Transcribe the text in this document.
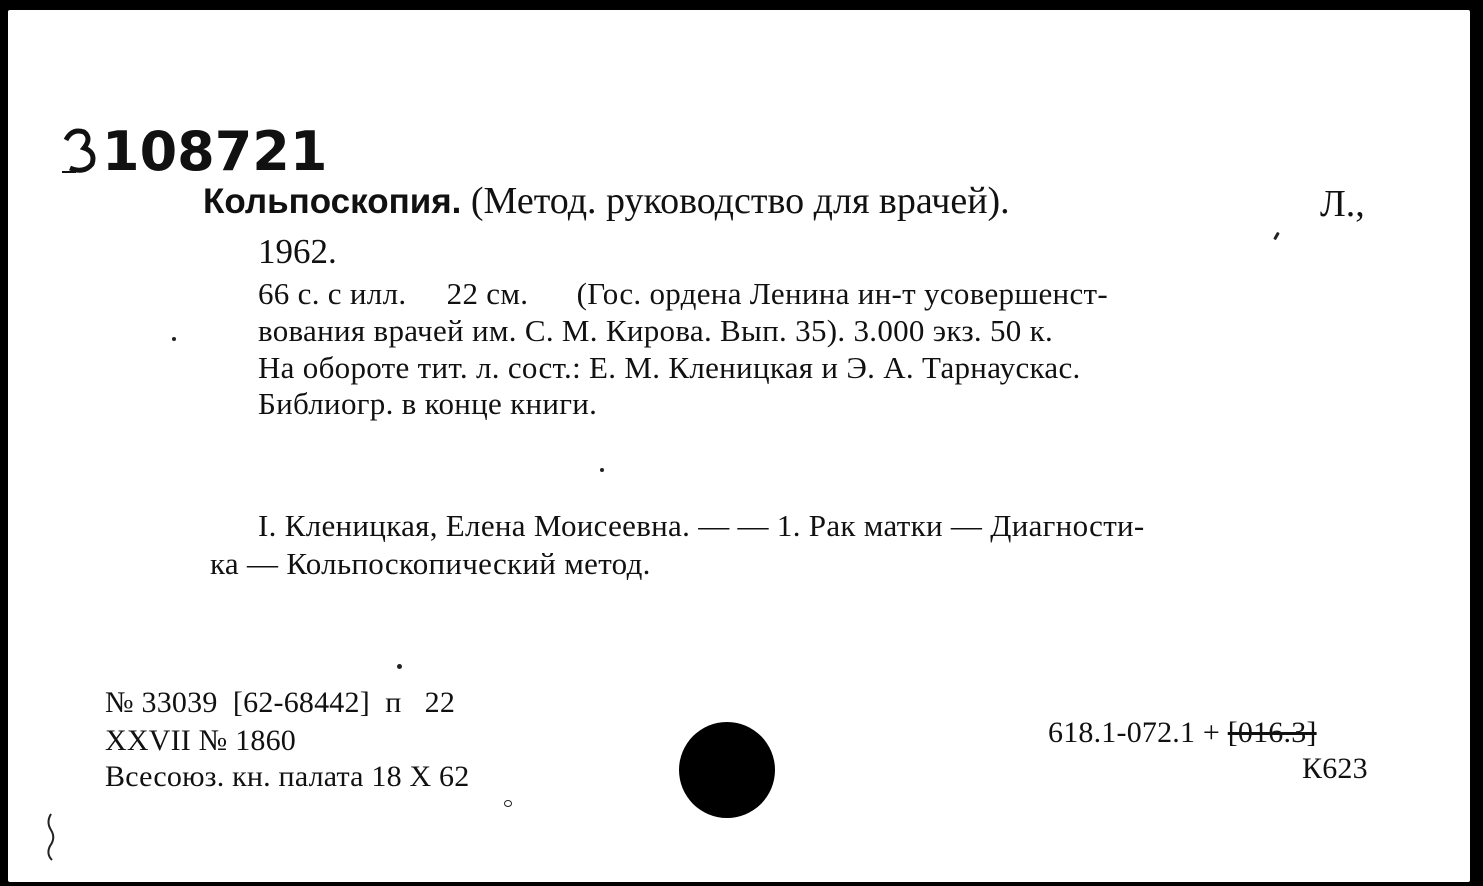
108721
Кольпоскопия. (Метод. руководство для врачей).	Л.,
1962.
66 с. с илл.     22 см.      (Гос. ордена Ленина ин-т усовершенст-
вования врачей им. С. М. Кирова. Вып. 35). 3.000 экз. 50 к.
На обороте тит. л. сост.: Е. М. Кленицкая и Э. А. Тарнаускас.
Библиогр. в конце книги.
I. Кленицкая, Елена Моисеевна. — — 1. Рак матки — Диагности-
ка — Кольпоскопический метод.
№ 33039  [62-68442]  п   22
XXVII № 1860
Всесоюз. кн. палата 18 X 62
618.1-072.1 + [016.3]
К623
